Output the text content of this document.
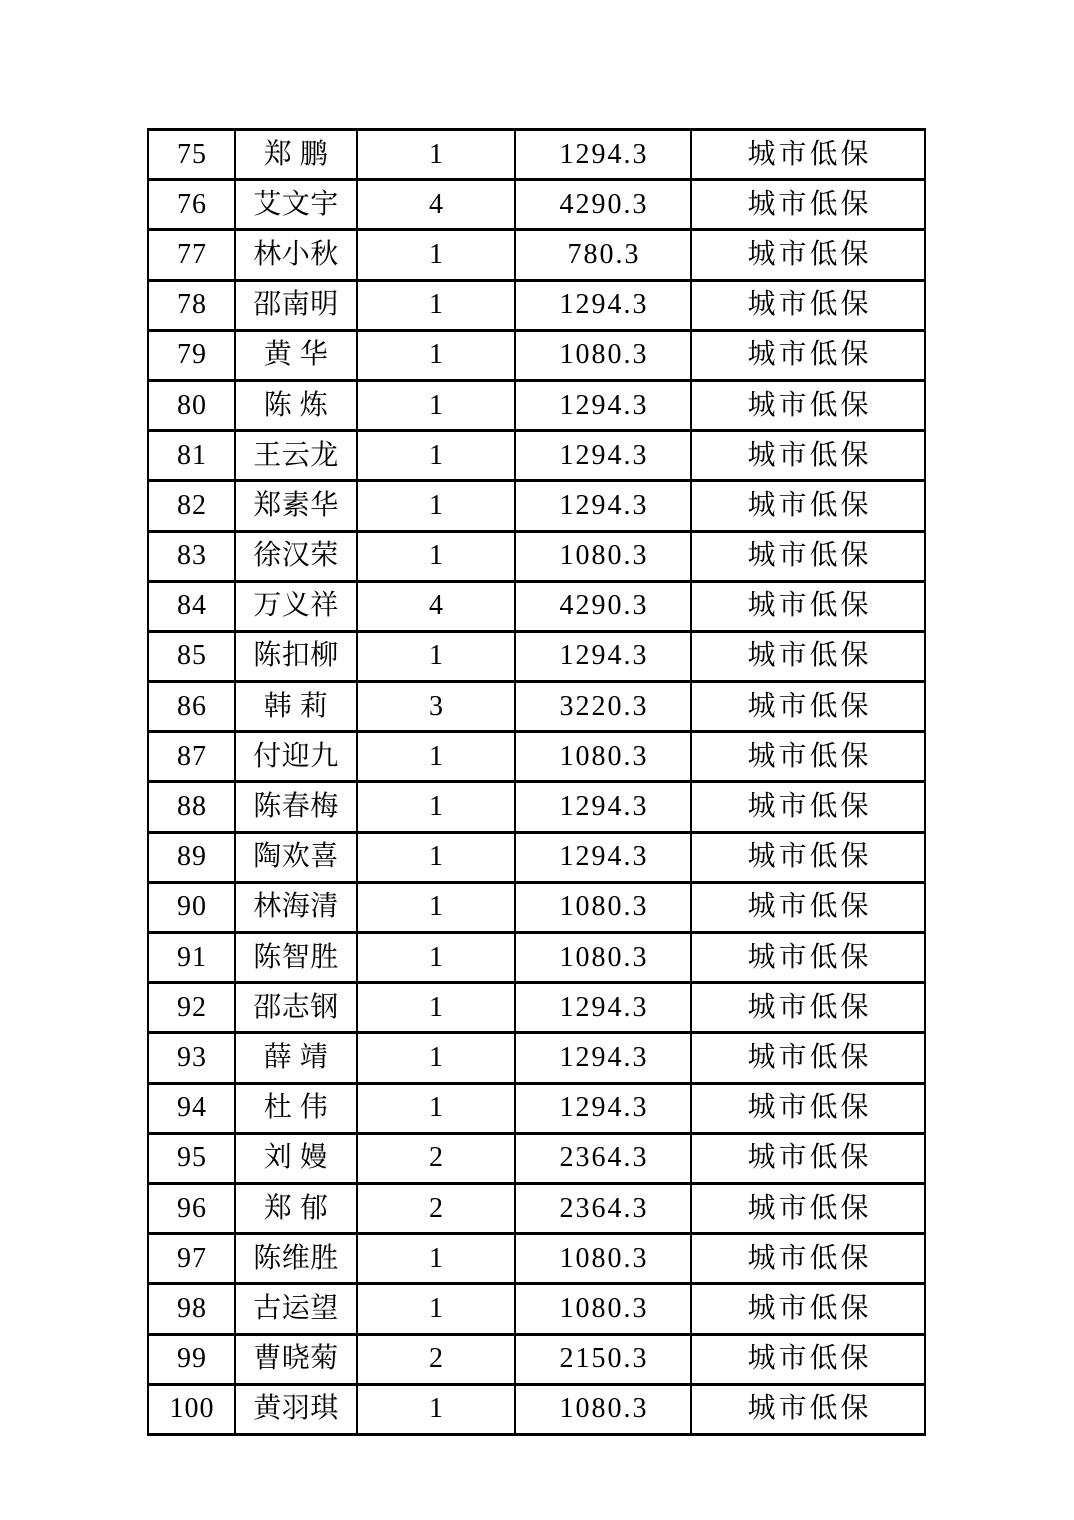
75	郑 鹏	1	1294.3	城市低保
76	艾文宇	4	4290.3	城市低保
77	林小秋	1	780.3	城市低保
78	邵南明	1	1294.3	城市低保
79	黄 华	1	1080.3	城市低保
80	陈 炼	1	1294.3	城市低保
81	王云龙	1	1294.3	城市低保
82	郑素华	1	1294.3	城市低保
83	徐汉荣	1	1080.3	城市低保
84	万义祥	4	4290.3	城市低保
85	陈扣柳	1	1294.3	城市低保
86	韩 莉	3	3220.3	城市低保
87	付迎九	1	1080.3	城市低保
88	陈春梅	1	1294.3	城市低保
89	陶欢喜	1	1294.3	城市低保
90	林海清	1	1080.3	城市低保
91	陈智胜	1	1080.3	城市低保
92	邵志钢	1	1294.3	城市低保
93	薛 靖	1	1294.3	城市低保
94	杜 伟	1	1294.3	城市低保
95	刘 嫚	2	2364.3	城市低保
96	郑 郁	2	2364.3	城市低保
97	陈维胜	1	1080.3	城市低保
98	古运望	1	1080.3	城市低保
99	曹晓菊	2	2150.3	城市低保
100	黄羽琪	1	1080.3	城市低保
